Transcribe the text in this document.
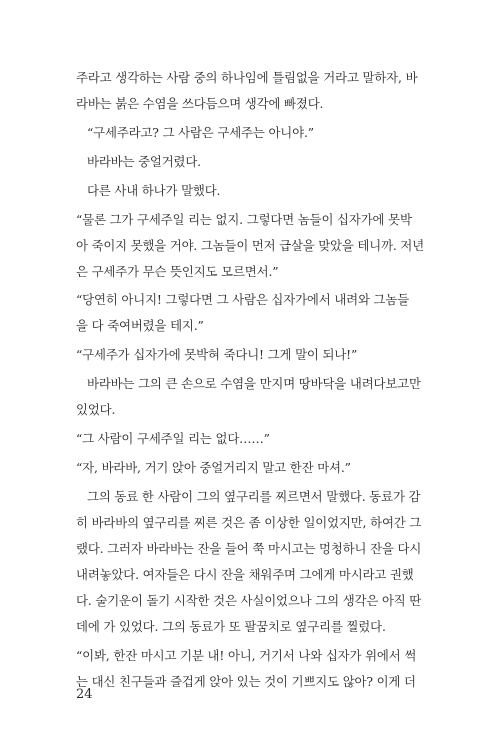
주라고 생각하는 사람 중의 하나임에 틀림없을 거라고 말하자, 바
라바는 붉은 수염을 쓰다듬으며 생각에 빠졌다.
“구세주라고? 그 사람은 구세주는 아니야.”
바라바는 중얼거렸다.
다른 사내 하나가 말했다.
“물론 그가 구세주일 리는 없지. 그렇다면 놈들이 십자가에 못박
아 죽이지 못했을 거야. 그놈들이 먼저 급살을 맞았을 테니까. 저년
은 구세주가 무슨 뜻인지도 모르면서.”
“당연히 아니지! 그렇다면 그 사람은 십자가에서 내려와 그놈들
을 다 죽여버렸을 테지.”
“구세주가 십자가에 못박혀 죽다니! 그게 말이 되나!”
바라바는 그의 큰 손으로 수염을 만지며 땅바닥을 내려다보고만
있었다.
“그 사람이 구세주일 리는 없다……”
“자, 바라바, 거기 앉아 중얼거리지 말고 한잔 마셔.”
그의 동료 한 사람이 그의 옆구리를 찌르면서 말했다. 동료가 감
히 바라바의 옆구리를 찌른 것은 좀 이상한 일이었지만, 하여간 그
랬다. 그러자 바라바는 잔을 들어 쭉 마시고는 멍청하니 잔을 다시
내려놓았다. 여자들은 다시 잔을 채워주며 그에게 마시라고 권했
다. 술기운이 돌기 시작한 것은 사실이었으나 그의 생각은 아직 딴
데에 가 있었다. 그의 동료가 또 팔꿈치로 옆구리를 찔렀다.
“이봐, 한잔 마시고 기분 내! 아니, 거기서 나와 십자가 위에서 썩
는 대신 친구들과 즐겁게 앉아 있는 것이 기쁘지도 않아? 이게 더
24
